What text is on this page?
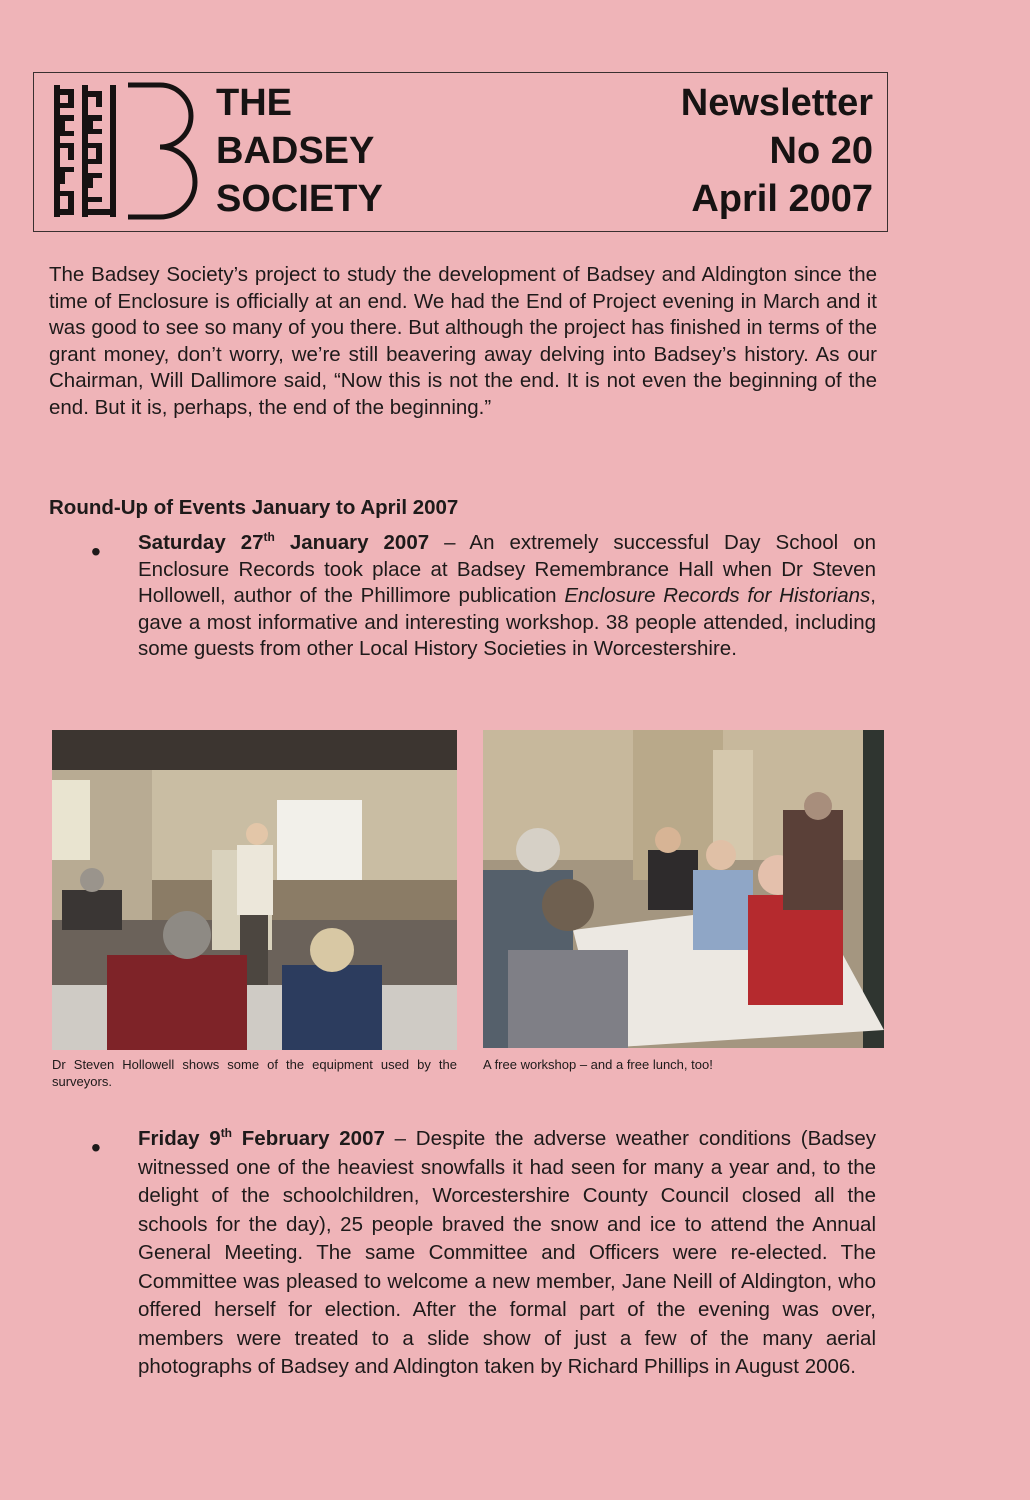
THE
BADSEY
SOCIETY
Newsletter
No 20
April 2007
The Badsey Society’s project to study the development of Badsey and Aldington since the time of Enclosure is officially at an end. We had the End of Project evening in March and it was good to see so many of you there. But although the project has finished in terms of the grant money, don’t worry, we’re still beavering away delving into Badsey’s history. As our Chairman, Will Dallimore said, “Now this is not the end. It is not even the beginning of the end. But it is, perhaps, the end of the beginning.”
Round-Up of Events January to April 2007
• Saturday 27th January 2007 – An extremely successful Day School on Enclosure Records took place at Badsey Remembrance Hall when Dr Steven Hollowell, author of the Phillimore publication Enclosure Records for Historians, gave a most informative and interesting workshop. 38 people attended, including some guests from other Local History Societies in Worcestershire.
Dr Steven Hollowell shows some of the equipment used by the surveyors.
A free workshop – and a free lunch, too!
• Friday 9th February 2007 – Despite the adverse weather conditions (Badsey witnessed one of the heaviest snowfalls it had seen for many a year and, to the delight of the schoolchildren, Worcestershire County Council closed all the schools for the day), 25 people braved the snow and ice to attend the Annual General Meeting. The same Committee and Officers were re-elected. The Committee was pleased to welcome a new member, Jane Neill of Aldington, who offered herself for election. After the formal part of the evening was over, members were treated to a slide show of just a few of the many aerial photographs of Badsey and Aldington taken by Richard Phillips in August 2006.
